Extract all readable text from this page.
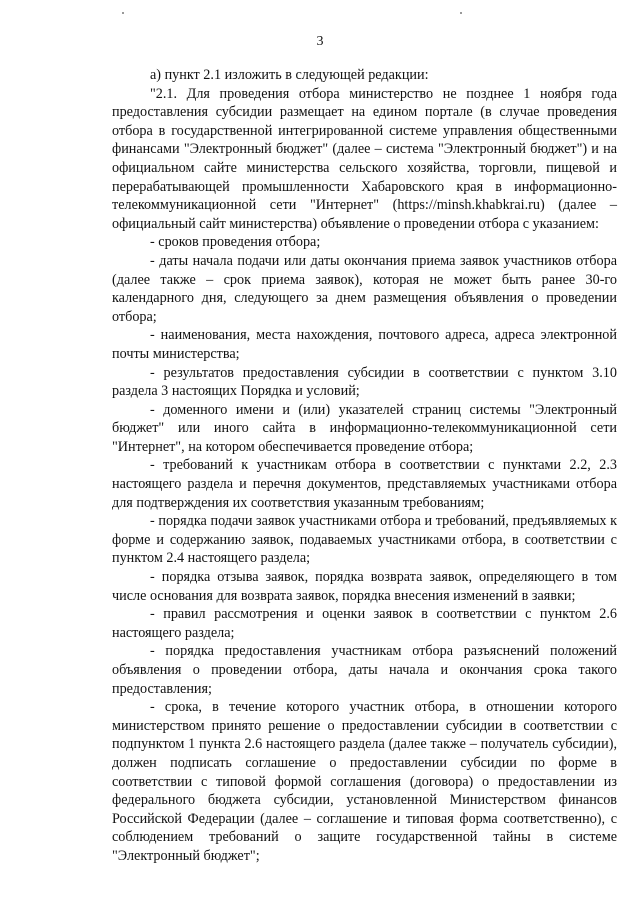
3

а) пункт 2.1 изложить в следующей редакции:

"2.1. Для проведения отбора министерство не позднее 1 ноября года предоставления субсидии размещает на едином портале (в случае проведения отбора в государственной интегрированной системе управления общественными финансами "Электронный бюджет" (далее – система "Электронный бюджет") и на официальном сайте министерства сельского хозяйства, торговли, пищевой и перерабатывающей промышленности Хабаровского края в информационно-телекоммуникационной сети "Интернет" (https://minsh.khabkrai.ru) (далее – официальный сайт министерства) объявление о проведении отбора с указанием:

- сроков проведения отбора;

- даты начала подачи или даты окончания приема заявок участников отбора (далее также – срок приема заявок), которая не может быть ранее 30-го календарного дня, следующего за днем размещения объявления о проведении отбора;

- наименования, места нахождения, почтового адреса, адреса электронной почты министерства;

- результатов предоставления субсидии в соответствии с пунктом 3.10 раздела 3 настоящих Порядка и условий;

- доменного имени и (или) указателей страниц системы "Электронный бюджет" или иного сайта в информационно-телекоммуникационной сети "Интернет", на котором обеспечивается проведение отбора;

- требований к участникам отбора в соответствии с пунктами 2.2, 2.3 настоящего раздела и перечня документов, представляемых участниками отбора для подтверждения их соответствия указанным требованиям;

- порядка подачи заявок участниками отбора и требований, предъявляемых к форме и содержанию заявок, подаваемых участниками отбора, в соответствии с пунктом 2.4 настоящего раздела;

- порядка отзыва заявок, порядка возврата заявок, определяющего в том числе основания для возврата заявок, порядка внесения изменений в заявки;

- правил рассмотрения и оценки заявок в соответствии с пунктом 2.6 настоящего раздела;

- порядка предоставления участникам отбора разъяснений положений объявления о проведении отбора, даты начала и окончания срока такого предоставления;

- срока, в течение которого участник отбора, в отношении которого министерством принято решение о предоставлении субсидии в соответствии с подпунктом 1 пункта 2.6 настоящего раздела (далее также – получатель субсидии), должен подписать соглашение о предоставлении субсидии по форме в соответствии с типовой формой соглашения (договора) о предоставлении из федерального бюджета субсидии, установленной Министерством финансов Российской Федерации (далее – соглашение и типовая форма соответственно), с соблюдением требований о защите государственной тайны в системе "Электронный бюджет";
